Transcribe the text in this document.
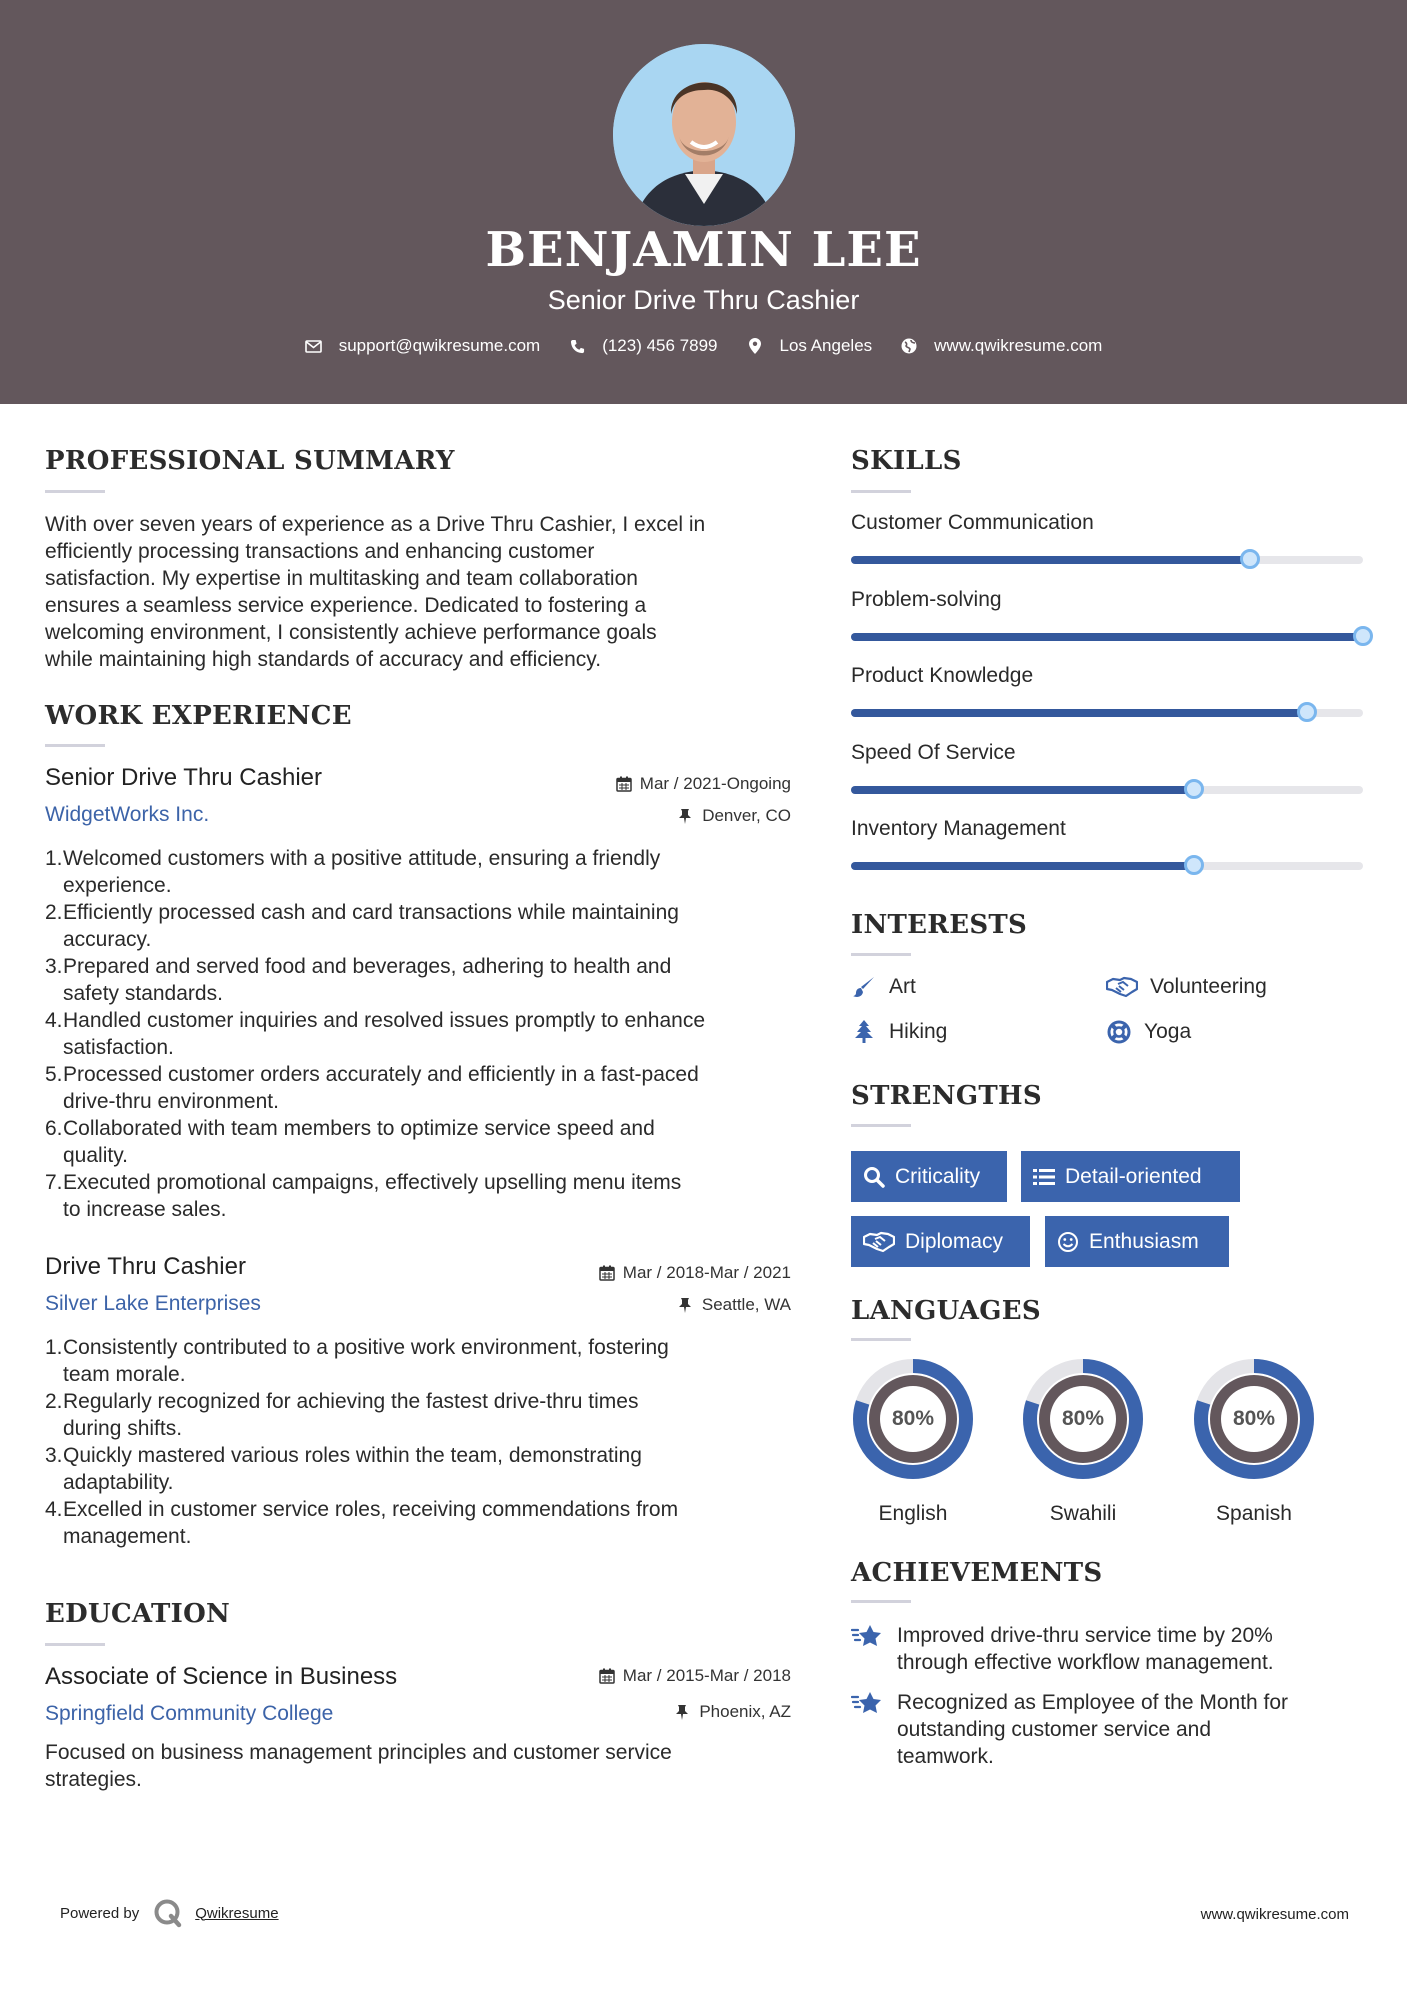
BENJAMIN LEE
Senior Drive Thru Cashier
support@qwikresume.com	(123) 456 7899	Los Angeles	www.qwikresume.com
PROFESSIONAL SUMMARY
With over seven years of experience as a Drive Thru Cashier, I excel in
efficiently processing transactions and enhancing customer
satisfaction. My expertise in multitasking and team collaboration
ensures a seamless service experience. Dedicated to fostering a
welcoming environment, I consistently achieve performance goals
while maintaining high standards of accuracy and efficiency.
WORK EXPERIENCE
Senior Drive Thru Cashier	Mar / 2021-Ongoing
WidgetWorks Inc.	Denver, CO
1. Welcomed customers with a positive attitude, ensuring a friendly
experience.
2. Efficiently processed cash and card transactions while maintaining
accuracy.
3. Prepared and served food and beverages, adhering to health and
safety standards.
4. Handled customer inquiries and resolved issues promptly to enhance
satisfaction.
5. Processed customer orders accurately and efficiently in a fast-paced
drive-thru environment.
6. Collaborated with team members to optimize service speed and
quality.
7. Executed promotional campaigns, effectively upselling menu items
to increase sales.
Drive Thru Cashier	Mar / 2018-Mar / 2021
Silver Lake Enterprises	Seattle, WA
1. Consistently contributed to a positive work environment, fostering
team morale.
2. Regularly recognized for achieving the fastest drive-thru times
during shifts.
3. Quickly mastered various roles within the team, demonstrating
adaptability.
4. Excelled in customer service roles, receiving commendations from
management.
EDUCATION
Associate of Science in Business	Mar / 2015-Mar / 2018
Springfield Community College	Phoenix, AZ
Focused on business management principles and customer service
strategies.
SKILLS
Customer Communication
Problem-solving
Product Knowledge
Speed Of Service
Inventory Management
INTERESTS
Art	Volunteering
Hiking	Yoga
STRENGTHS
Criticality	Detail-oriented
Diplomacy	Enthusiasm
LANGUAGES
80%
English
80%
Swahili
80%
Spanish
ACHIEVEMENTS
Improved drive-thru service time by 20%
through effective workflow management.
Recognized as Employee of the Month for
outstanding customer service and
teamwork.
Powered by	Qwikresume	www.qwikresume.com
